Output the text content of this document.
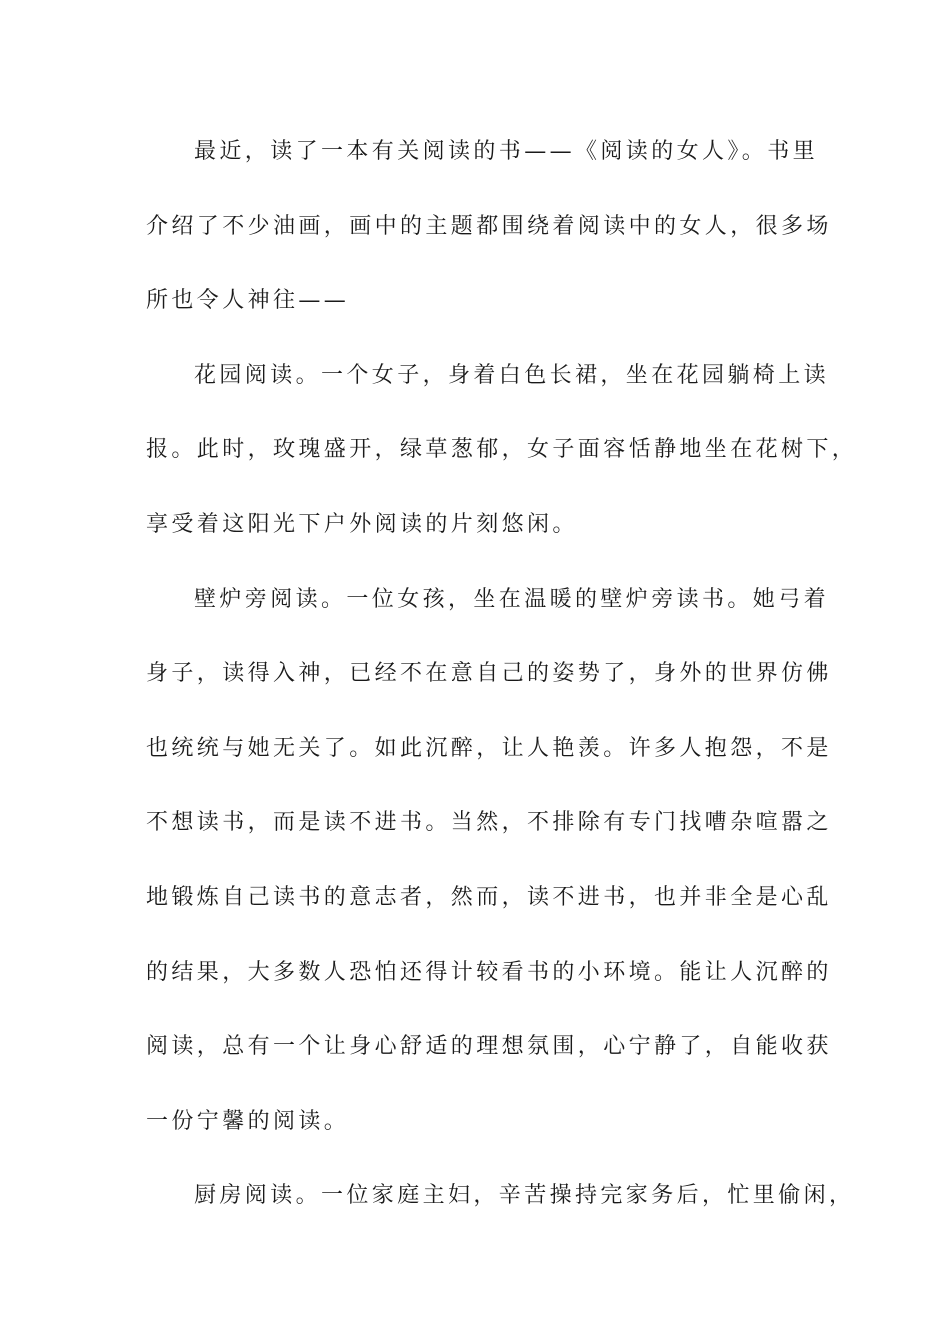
最近，读了一本有关阅读的书——《阅读的女人》。书里
介绍了不少油画，画中的主题都围绕着阅读中的女人，很多场
所也令人神往——
花园阅读。一个女子，身着白色长裙，坐在花园躺椅上读
报。此时，玫瑰盛开，绿草葱郁，女子面容恬静地坐在花树下，
享受着这阳光下户外阅读的片刻悠闲。
壁炉旁阅读。一位女孩，坐在温暖的壁炉旁读书。她弓着
身子，读得入神，已经不在意自己的姿势了，身外的世界仿佛
也统统与她无关了。如此沉醉，让人艳羡。许多人抱怨，不是
不想读书，而是读不进书。当然，不排除有专门找嘈杂喧嚣之
地锻炼自己读书的意志者，然而，读不进书，也并非全是心乱
的结果，大多数人恐怕还得计较看书的小环境。能让人沉醉的
阅读，总有一个让身心舒适的理想氛围，心宁静了，自能收获
一份宁馨的阅读。
厨房阅读。一位家庭主妇，辛苦操持完家务后，忙里偷闲，
